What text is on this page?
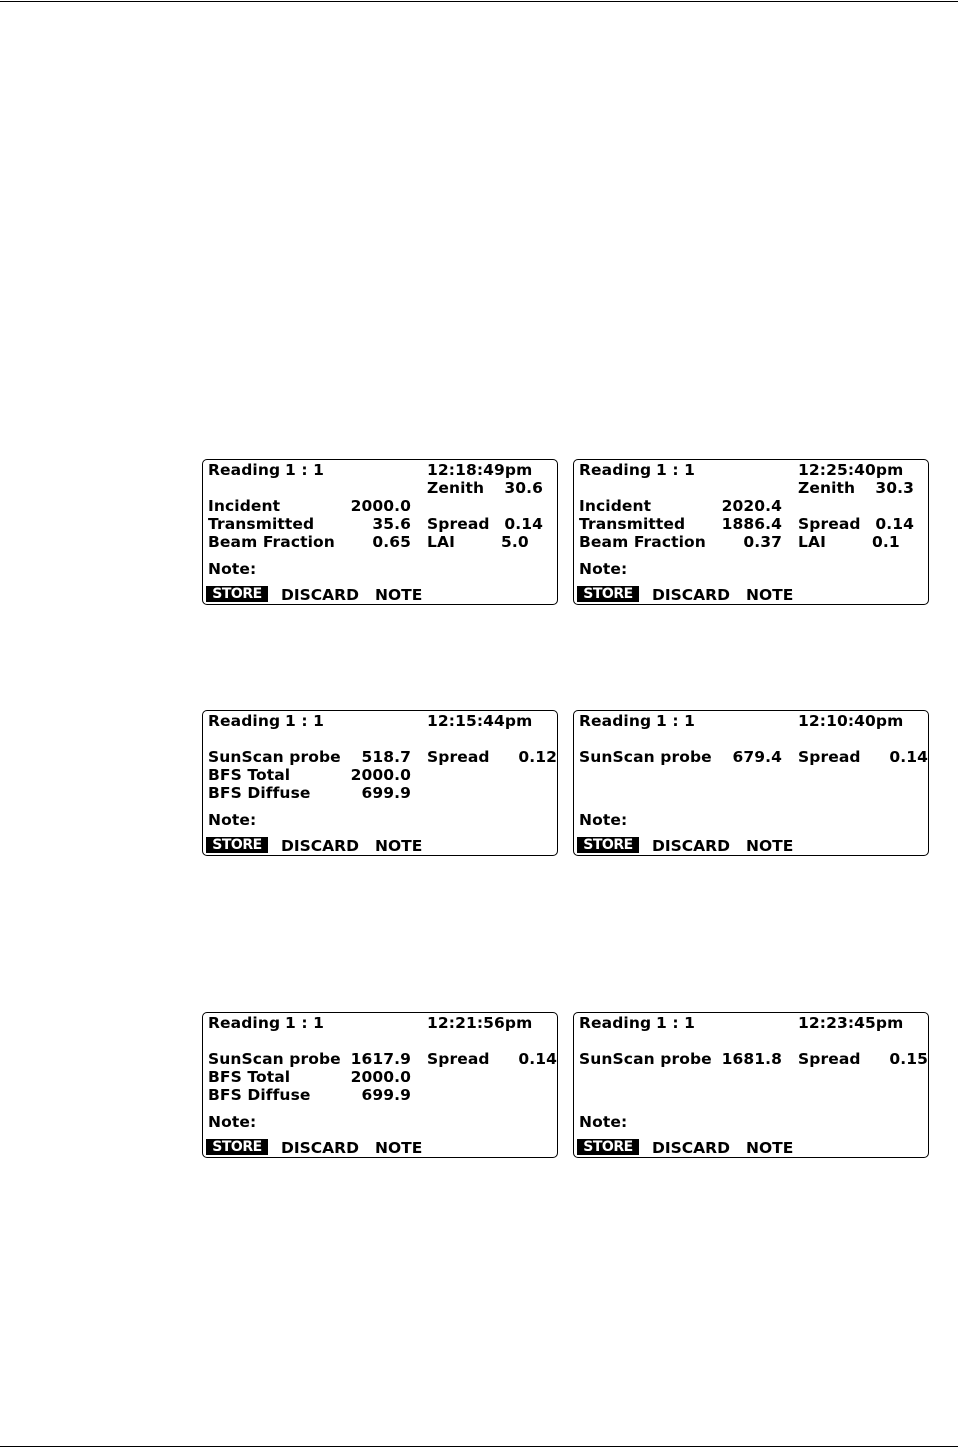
Reading 1 : 1	12:18:49pm
Zenith 30.6
Incident	2000.0
Transmitted	35.6 Spread 0.14
Beam Fraction	0.65 LAI	5.0
Note:
STORE	DISCARD NOTE
Reading 1 : 1	12:25:40pm
Zenith 30.3
Incident	2020.4
Transmitted	1886.4 Spread 0.14
Beam Fraction	0.37 LAI	0.1
Note:
STORE	DISCARD NOTE
Reading 1 : 1	12:15:44pm
SunScan probe	518.7 Spread	0.12
BFS Total	2000.0
BFS Diffuse	699.9
Note:
STORE	DISCARD NOTE
Reading 1 : 1	12:10:40pm
SunScan probe	679.4 Spread	0.14
Note:
STORE	DISCARD NOTE
Reading 1 : 1	12:21:56pm
SunScan probe 1617.9 Spread	0.14
BFS Total	2000.0
BFS Diffuse	699.9
Note:
STORE	DISCARD NOTE
Reading 1 : 1	12:23:45pm
SunScan probe 1681.8 Spread	0.15
Note:
STORE	DISCARD NOTE
